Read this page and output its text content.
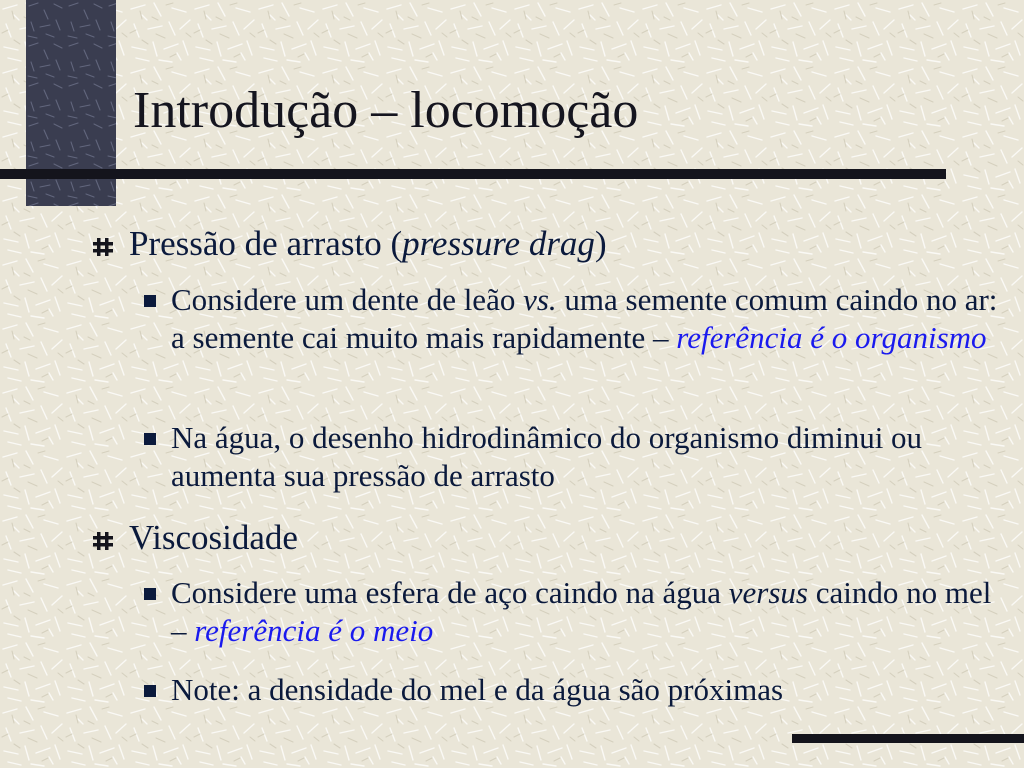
Introdução – locomoção
Pressão de arrasto (pressure drag)
Considere um dente de leão vs. uma semente comum caindo no ar: a semente cai muito mais rapidamente – referência é o organismo
Na água, o desenho hidrodinâmico do organismo diminui ou aumenta sua pressão de arrasto
Viscosidade
Considere uma esfera de aço caindo na água versus caindo no mel – referência é o meio
Note: a densidade do mel e da água são próximas
